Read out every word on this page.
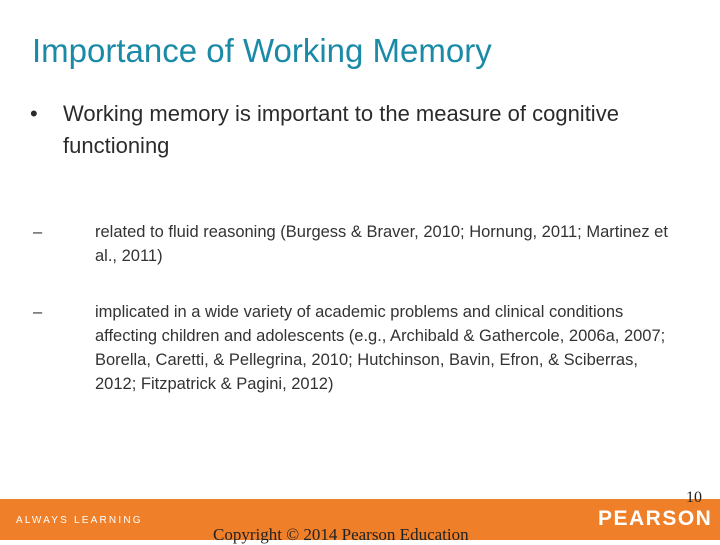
Importance of Working Memory
•	Working memory is important to the measure of cognitive functioning
–	related to fluid reasoning (Burgess & Braver, 2010; Hornung, 2011; Martinez et al., 2011)
–	implicated in a wide variety of academic problems and clinical conditions affecting children and adolescents (e.g., Archibald & Gathercole, 2006a, 2007; Borella, Caretti, & Pellegrina, 2010; Hutchinson, Bavin, Efron, & Sciberras, 2012; Fitzpatrick & Pagini, 2012)
ALWAYS LEARNING	PEARSON
10
Copyright © 2014 Pearson Education
